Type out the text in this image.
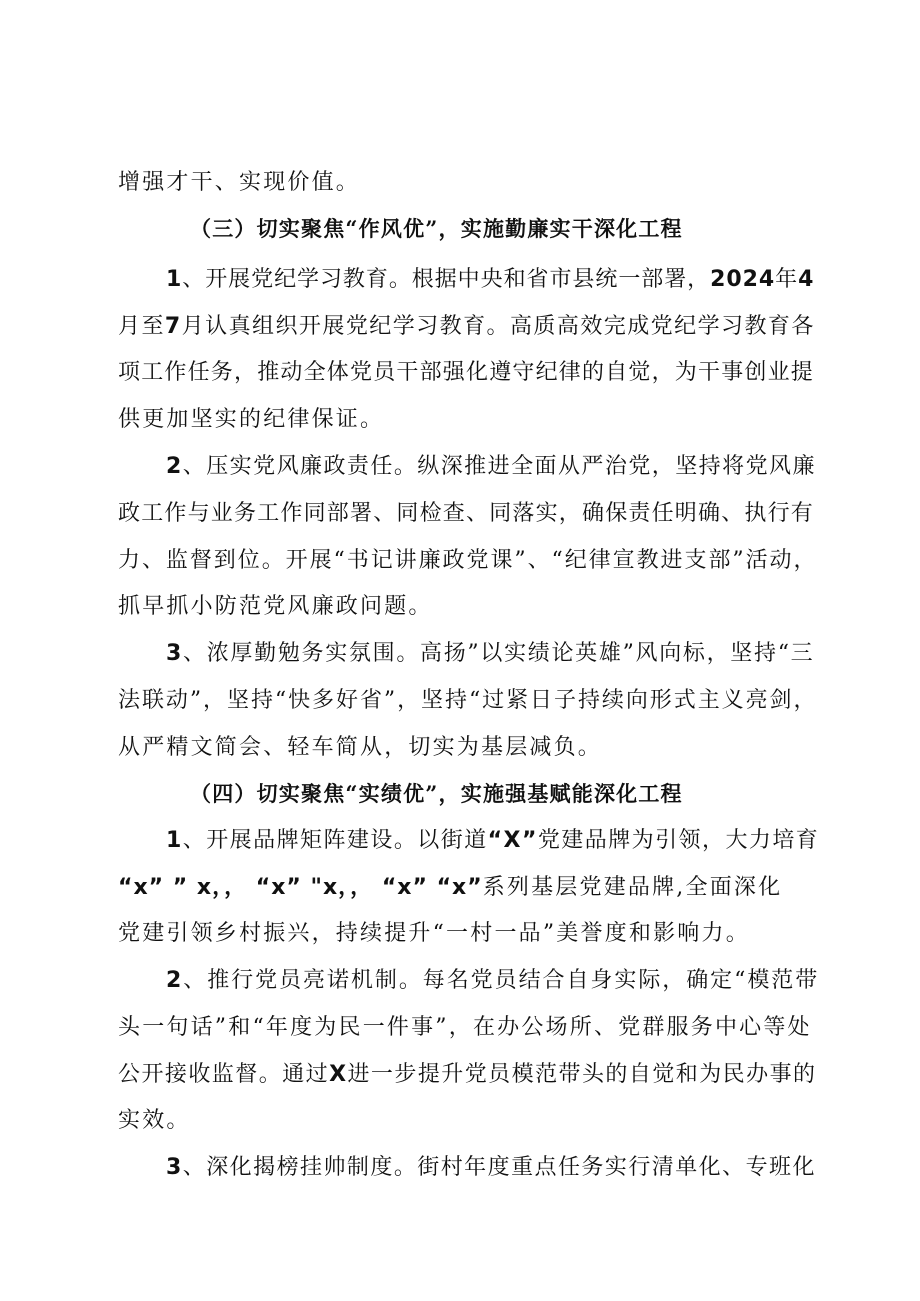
增强才干、实现价值。
（三）切实聚焦“作风优”，实施勤廉实干深化工程
1、开展党纪学习教育。根据中央和省市县统一部署，2024年4
月至7月认真组织开展党纪学习教育。高质高效完成党纪学习教育各
项工作任务，推动全体党员干部强化遵守纪律的自觉，为干事创业提
供更加坚实的纪律保证。
2、压实党风廉政责任。纵深推进全面从严治党，坚持将党风廉
政工作与业务工作同部署、同检查、同落实，确保责任明确、执行有
力、监督到位。开展“书记讲廉政党课”、“纪律宣教进支部”活动，
抓早抓小防范党风廉政问题。
3、浓厚勤勉务实氛围。高扬”以实绩论英雄”风向标，坚持“三
法联动”，坚持“快多好省”，坚持“过紧日子持续向形式主义亮剑，
从严精文简会、轻车简从，切实为基层减负。
（四）切实聚焦“实绩优”，实施强基赋能深化工程
1、开展品牌矩阵建设。以街道“X”党建品牌为引领，大力培育
“x” ” x，， “x” "x，， “x” “x”系列基层党建品牌,全面深化
党建引领乡村振兴，持续提升“一村一品”美誉度和影响力。
2、推行党员亮诺机制。每名党员结合自身实际，确定“模范带
头一句话”和“年度为民一件事”，在办公场所、党群服务中心等处
公开接收监督。通过X进一步提升党员模范带头的自觉和为民办事的
实效。
3、深化揭榜挂帅制度。街村年度重点任务实行清单化、专班化
